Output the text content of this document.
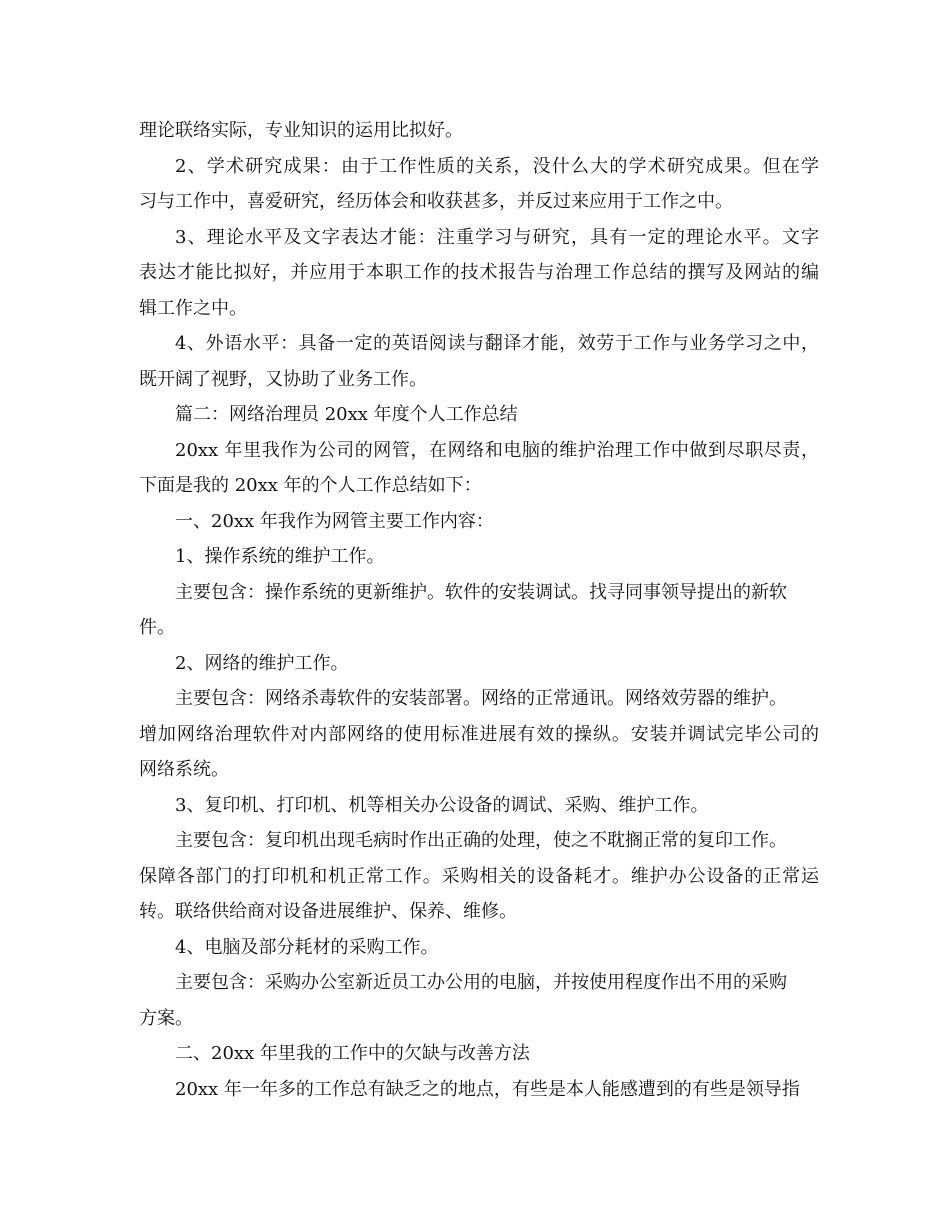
理论联络实际，专业知识的运用比拟好。
2、学术研究成果：由于工作性质的关系，没什么大的学术研究成果。但在学
习与工作中，喜爱研究，经历体会和收获甚多，并反过来应用于工作之中。
3、理论水平及文字表达才能：注重学习与研究，具有一定的理论水平。文字
表达才能比拟好，并应用于本职工作的技术报告与治理工作总结的撰写及网站的编
辑工作之中。
4、外语水平：具备一定的英语阅读与翻译才能，效劳于工作与业务学习之中，
既开阔了视野，又协助了业务工作。
篇二：网络治理员 20xx 年度个人工作总结
20xx 年里我作为公司的网管，在网络和电脑的维护治理工作中做到尽职尽责，
下面是我的 20xx 年的个人工作总结如下：
一、20xx 年我作为网管主要工作内容：
1、操作系统的维护工作。
主要包含：操作系统的更新维护。软件的安装调试。找寻同事领导提出的新软
件。
2、网络的维护工作。
主要包含：网络杀毒软件的安装部署。网络的正常通讯。网络效劳器的维护。
增加网络治理软件对内部网络的使用标准进展有效的操纵。安装并调试完毕公司的
网络系统。
3、复印机、打印机、机等相关办公设备的调试、采购、维护工作。
主要包含：复印机出现毛病时作出正确的处理，使之不耽搁正常的复印工作。
保障各部门的打印机和机正常工作。采购相关的设备耗才。维护办公设备的正常运
转。联络供给商对设备进展维护、保养、维修。
4、电脑及部分耗材的采购工作。
主要包含：采购办公室新近员工办公用的电脑，并按使用程度作出不用的采购
方案。
二、20xx 年里我的工作中的欠缺与改善方法
20xx 年一年多的工作总有缺乏之的地点，有些是本人能感遭到的有些是领导指
